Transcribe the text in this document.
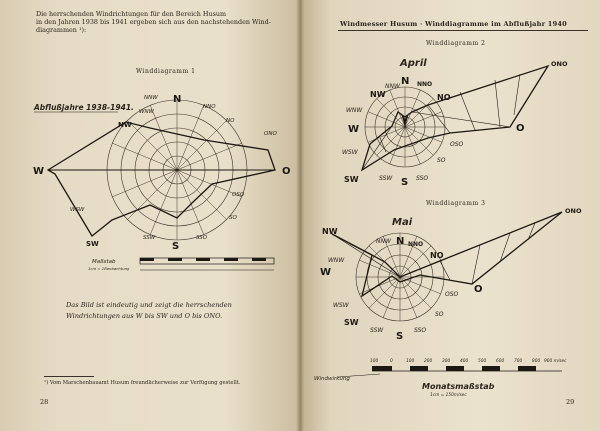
Die herrschenden Windrichtungen für den Bereich Husum
in den Jahren 1938 bis 1941 ergeben sich aus den nachstehenden Wind-
diagrammen ¹):
Winddiagramm 1
N
NNO
NO
ONO
O
OSO
SO
SSO
S
SSW
SW
WSW
W
WNW
NW
NNW
Abflußjahre 1938-1941.
Maßstab
1cm = 1Beobachtung
Das Bild ist eindeutig und zeigt die herrschenden
Windrichtungen aus W bis SW und O bis ONO.
¹) Vom Marschenbauamt Husum freundlicherweise zur Verfügung gestellt.
28
Windmesser Husum · Winddiagramme im Abflußjahr 1940
Winddiagramm 2
Winddiagramm 3
April
N NNO
NO
ONO
O
OSO
SO
SSO
S
SSW
SW
WSW
W
WNW
NW
NNW
Mai
N NNO
NO
ONO
O
OSO
SO
SSO
S
SSW
SW
WSW
W
WNW
NW
NNW
100	0	100 200 300 400 500 600 700 800 900 m/sec
Windwirkung
Monatsmaßstab
1cm = 150m/sec
29
